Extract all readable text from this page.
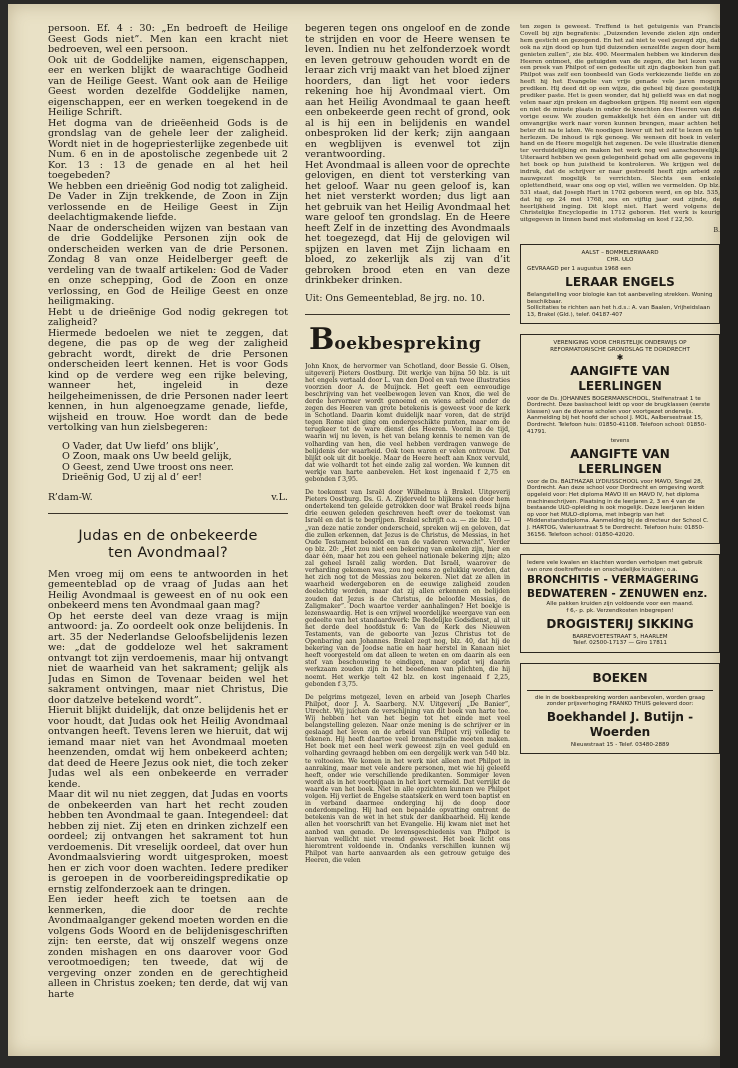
persoon. Ef. 4 : 30: „En bedroeft de Heilige Geest Gods niet”. Men kan een kracht niet bedroeven, wel een persoon.

Ook uit de Goddelijke namen, eigenschappen, eer en werken blijkt de waarachtige Godheid van de Heilige Geest. Want ook aan de Heilige Geest worden dezelfde Goddelijke namen, eigenschappen, eer en werken toegekend in de Heilige Schrift.

Het dogma van de drieëenheid Gods is de grondslag van de gehele leer der zaligheid. Wordt niet in de hogepriesterlijke zegenbede uit Num. 6 en in de apostolische zegenbede uit 2 Kor. 13 : 13 de genade en al het heil toegebeden?

We hebben een drieënig God nodig tot zaligheid. De Vader in Zijn trekkende, de Zoon in Zijn verlossende en de Heilige Geest in Zijn deelachtigmakende liefde.

Naar de onderscheiden wijzen van bestaan van de drie Goddelijke Personen zijn ook de onderscheiden werken van de drie Personen. Zondag 8 van onze Heidelberger geeft de verdeling van de twaalf artikelen: God de Vader en onze schepping, God de Zoon en onze verlossing, en God de Heilige Geest en onze heiligmaking.

Hebt u de drieënige God nodig gekregen tot zaligheid?

Hiermede bedoelen we niet te zeggen, dat degene, die pas op de weg der zaligheid gebracht wordt, direkt de drie Personen onderscheiden leert kennen. Het is voor Gods kind op de verdere weg een rijke beleving, wanneer het, ingeleid in deze heilgeheimenissen, de drie Personen nader leert kennen, in hun algenoegzame genade, liefde, wijsheid en trouw. Hoe wordt dan de bede vertolking van hun zielsbegeren:

O Vader, dat Uw liefd’ ons blijk’,
O Zoon, maak ons Uw beeld gelijk,
O Geest, zend Uwe troost ons neer.
Drieënig God, U zij al d’ eer!
R’dam-W.	v.L.
Judas en de onbekeerde
ten Avondmaal?

Men vroeg mij om eens te antwoorden in het gemeenteblad op de vraag of Judas aan het Heilig Avondmaal is geweest en of nu ook een onbekeerd mens ten Avondmaal gaan mag?

Op het eerste deel van deze vraag is mijn antwoord: ja. Zo oordeelt ook onze belijdenis. In art. 35 der Nederlandse Geloofsbelijdenis lezen we: „dat de goddeloze wel het sakrament ontvangt tot zijn verdoemenis, maar hij ontvangt niet de waarheid van het sakrament; gelijk als Judas en Simon de Tovenaar beiden wel het sakrament ontvingen, maar niet Christus, Die door datzelve betekend wordt”.

Hieruit blijkt duidelijk, dat onze belijdenis het er voor houdt, dat Judas ook het Heilig Avondmaal ontvangen heeft. Tevens leren we hieruit, dat wij iemand maar niet van het Avondmaal moeten heenzenden, omdat wij hem onbekeerd achten; dat deed de Heere Jezus ook niet, die toch zeker Judas wel als een onbekeerde en verrader kende.

Maar dit wil nu niet zeggen, dat Judas en voorts de onbekeerden van hart het recht zouden hebben ten Avondmaal te gaan. Integendeel: dat hebben zij niet. Zij eten en drinken zichzelf een oordeel; zij ontvangen het sakrament tot hun verdoemenis. Dit vreselijk oordeel, dat over hun Avondmaalsviering wordt uitgesproken, moest hen er zich voor doen wachten. Iedere prediker is geroepen in de voorbereidingspredikatie op ernstig zelfonderzoek aan te dringen.

Een ieder heeft zich te toetsen aan de kenmerken, die door de rechte Avondmaalganger gekend moeten worden en die volgens Gods Woord en de belijdenisgeschriften zijn: ten eerste, dat wij onszelf wegens onze zonden mishagen en ons daarover voor God verootmoedigen; ten tweede, dat wij de vergeving onzer zonden en de gerechtigheid alleen in Christus zoeken; ten derde, dat wij van harte

begeren tegen ons ongeloof en de zonde te strijden en voor de Heere wensen te leven. Indien nu het zelfonderzoek wordt en leven getrouw gehouden wordt en de leraar zich vrij maakt van het bloed zijner hoorders, dan ligt het voor ieders rekening hoe hij Avondmaal viert. Om aan het Heilig Avondmaal te gaan heeft een onbekeerde geen recht of grond, ook al is hij een in belijdenis en wandel onbesproken lid der kerk; zijn aangaan en wegblijven is evenwel tot zijn verantwoording.

Het Avondmaal is alleen voor de oprechte gelovigen, en dient tot versterking van het geloof. Waar nu geen geloof is, kan het niet versterkt worden; dus ligt aan het gebruik van het Heilig Avondmaal het ware geloof ten grondslag. En de Heere heeft Zelf in de inzetting des Avondmaals het toegezegd, dat Hij de gelovigen wil spijzen en laven met Zijn lichaam en bloed, zo zekerlijk als zij van d’it gebroken brood eten en van deze drinkbeker drinken.

Uit: Ons Gemeenteblad, 8e jrg. no. 10.
B oekbespreking

John Knox, de hervormer van Schotland, door Bessie G. Olsen, uitgeverij Pieters Oostburg. Dit werkje van bijna 50 blz. is uit het engels vertaald door L. van den Dool en van twee illustraties voorzien door A. de Muijnck. Het geeft een eenvoudige beschrijving van het veelbewogen leven van Knox, die wel de derde hervormer wordt genoemd en wiens arbeid onder de zegen des Heeren van grote betekenis is geweest voor de kerk in Schotland. Daarin komt duidelijk naar voren, dat de strijd tegen Rome niet ging om ondergeschikte punten, maar om de terugkeer tot de ware dienst des Heeren. Vooral in de tijd, waarin wij nu leven, is het van belang kennis te nemen van de volharding van hen, die veel hebben verdragen vanwege de belijdenis der waarheid. Ook toen waren er velen ontrouw. Dat blijkt ook uit dit boekje. Maar de Heere heeft aan Knox vervuld, dat wie volhardt tot het einde zalig zal worden. We kunnen dit werkje van harte aanbevelen. Het kost ingenaaid f 2,75 en gebonden f 3,95.

De toekomst van Israël door Wilhelmus à Brakel. Uitgeverij Pieters Oostburg. Ds. G. A. Zijderveld te blijkens een door hem ondertekend ten geleide getrokken door wat Brakel reeds bijna drie eeuwen geleden geschreven heeft over de toekomst van Israël en dat is te begrijpen. Brakel schrijft o.a. — zie blz. 10 — „van deze natie zonder onderscheid, spreken wij en geloven, dat die zullen erkennen, dat Jezus is de Christus, de Messias, in het Oude Testament beloofd en van de vaderen verwacht”. Verder op blz. 20: „Het zou niet een bekering van enkelen zijn, hier en daar één, maar het zou een geheel nationale bekering zijn; alzo zal geheel Israël zalig worden. Dat Israël, waarover de verharding gekomen was, zou nog eens zo gelukkig worden, dat het zich nog tot de Messias zou bekeren. Niet dat ze allen in waarheid wedergeboren en de eeuwige zaligheid zouden deelachtig worden, maar dat zij allen erkennen en belijden zouden dat Jezus is de Christus, de beloofde Messias, de Zaligmaker”. Doch waartoe verder aanhalingen? Het boekje is lezenswaardig. Het is een vrijwel woordelijke weergave van een gedeelte van het standaardwerk: De Redelijke Godsdienst, al uit het derde deel hoofdstuk 6: Van de Kerk des Nieuwen Testaments, van de geboorte van Jezus Christus tot de Openbaring aan Johannes. Brakel zegt nog, blz. 40, dat hij de bekering van de Joodse natie en haar herstel in Kanaan niet heeft voorgesteld om dat alleen te weten en om daarin als een stof van beschouwing te eindigen, maar opdat wij daarin werkzaam zouden zijn in het beoefenen van plichten, die hij noemt. Het werkje telt 42 blz. en kost ingenaaid f 2,25, gebonden f 3,75.

De pelgrims metgezel, leven en arbeid van Joseph Charles Philpot, door J. A. Saarberg. N.V. Uitgeverij „De Banier”, Utrecht. Wij juichen de verschijning van dit boek van harte toe. Wij hebben het van het begin tot het einde met veel belangstelling gelezen. Naar onze mening is de schrijver er in geslaagd het leven en de arbeid van Philpot vrij volledig te tekenen. Hij heeft daartoe veel bronnenstudie moeten maken. Het boek met een heel werk geweest zijn en veel geduld en volharding gevraagd hebben om een dergelijk werk van 540 blz. te voltooien. We komen in het werk niet alleen met Philpot in aanraking, maar met vele andere personen, met wie hij geleefd heeft, onder wie verschillende predikanten. Sommiger leven wordt als in het voorbijgaan in het kort vermeld. Dat verrijkt de waarde van het boek. Niet in alle opzichten kunnen we Philpot volgen. Hij verliet de Engelse staatskerk en werd toen baptist en in verband daarmee onderging hij de doop door onderdompeling. Hij had een bepaalde opvatting omtrent de betekenis van de wet in het stuk der dankbaarheid. Hij kende allen het voorschrift van het Evangelie. Hij kwam niet met het aanbod van genade. De levensgeschiedenis van Philpot is hiervan wellicht niet vreemd geweest. Het boek licht ons hieromtrent voldoende in. Ondanks verschillen kunnen wij Philpot van harte aanvaarden als een getrouw getuige des Heeren, die velen

ten zegen is geweest. Treffend is het getuigenis van Francis Covell bij zijn begrafenis: „Duizenden levende zielen zijn onder hem gesticht en gezegend. En het zal niet te veel gezegd zijn, dat ook na zijn dood op hun tijd duizenden eenzelfde zegen door hem genieten zullen”, zie blz. 490. Meermalen hebben we kinderen des Heeren ontmoet, die getuigden van de zegen, die het lezen van een preek van Philpot of een gedeelte uit zijn dagboeken hun gaf. Philpot was zelf een toonbeeld van Gods verkiezende liefde en zo heeft hij het Evangelie van vrije genade vele jaren mogen prediken. Hij deed dit op een wijze, die geheel bij deze geestelijk prediker paste. Het is geen wonder, dat hij geliefd was en dat nog velen naar zijn preken en dagboeken grijpen. Hij neemt een eigen en niet de minste plaats in onder de knechten des Heeren van de vorige eeuw. We zouden gemakkelijk het één en ander uit dit omvangrijke werk naar voren kunnen brengen, maar achten het beter dit na te laten. We noodigen liever uit het zelf te lezen en te herlezen. De inhoud is rijk genoeg. We wensen dit boek in veler hand en de Heere mogelijk het zegenen. De vele illustratie dienen ter verduidelijking en maken het werk nog wel aanschouwelijk. Uiteraard hebben we geen gelegenheid gehad om alle gegevens in het boek op hun juistheid te kontroleren. We krijgen wel de indruk, dat de schrijver er naar gestreefd heeft zijn arbeid zo nauwgezet mogelijk te verrichten. Slechts een enkele oplettendheid, waar ons oog op viel, willen we vermelden. Op blz. 531 staat, dat Joseph Hart in 1702 geboren werd, en op blz. 535, dat hij op 24 mei 1768, zes en vijftig jaar oud zijnde, de heerlijkheid inging. Dit klopt niet. Hart werd volgens de Christelijke Encyclopedie in 1712 geboren. Het werk is keurig uitgegeven in linnen band met stofomslag en kost f 22,50.

B.
AALST – BOMMELERWAARD
CHR. ULO
GEVRAAGD per 1 augustus 1968 een
LERAAR ENGELS
Belangstelling voor biologie kan tot aanbeveling strekken. Woning beschikbaar.
Sollicitaties te richten aan het h.d.s.: A. van Baalen, Vrijheidslaan 13, Brakel (Gld.), telef. 04187-407
VERENIGING VOOR CHRISTELIJK ONDERWIJS OP REFORMATORISCHE GRONDSLAG TE DORDRECHT
✱
AANGIFTE VAN LEERLINGEN
voor de Ds. JOHANNES BOGERMANSCHOOL, Stelfenstraat 1 te Dordrecht. Deze basisschool leidt op voor de brugklassen (eerste klassen) van de diverse scholen voor voortgezet onderwijs. Aanmelding bij het hoofd der school J. MOL, Aalbersestraat 15, Dordrecht. Telefoon huis: 01850-41108. Telefoon school: 01850-41791.
tevens
AANGIFTE VAN LEERLINGEN
voor de Ds. BALTHAZAR LYDIUSSCHOOL voor MAVO, Singel 28, Dordrecht. Aan deze school voor Dordrecht en omgeving wordt opgeleid voor: Het diploma MAVO III en MAVO IV, het diploma machineschrijven. Plaatsing in de leerjaren 2, 3 en 4 van de bestaande ULO-opleiding is ook mogelijk. Deze leerjaren leiden op voor het MULO-diploma, met inbegrip van het Middenstandsdiploma. Aanmelding bij de directeur der School C. J. HARTOG, Valeriusstraat 5 te Dordrecht. Telefoon huis: 01850-36156. Telefoon school: 01850-42020.
Iedere vele kwalen en klachten worden verholpen met gebruik van onze doeltreffende en onschadelijke kruiden; o.a.
BRONCHITIS - VERMAGERING
BEDWATEREN - ZENUWEN enz.
Alle pakken kruiden zijn voldoende voor een maand.
f 6,- p. pk. Verzendkosten inbegrepen!
DROGISTERIJ SIKKING
BARREVOETESTRAAT 5, HAARLEM
Telef. 02500-17137 — Giro 17811
BOEKEN
die in de boekbespreking worden aanbevolen, worden graag zonder prijsverhoging FRANKO THUIS geleverd door:
Boekhandel J. Butijn - Woerden
Nieuwstraat 15 - Telef. 03480-2889
